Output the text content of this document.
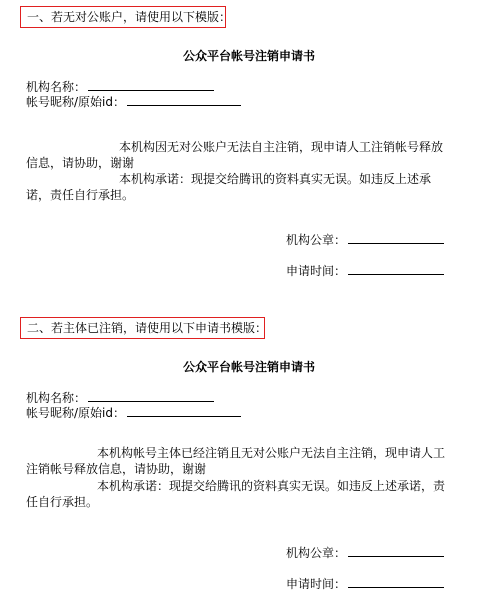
一、若无对公账户，请使用以下模版：
公众平台帐号注销申请书
机构名称：
帐号昵称/原始id：

本机构因无对公账户无法自主注销，现申请人工注销帐号释放信息，请协助，谢谢

本机构承诺：现提交给腾讯的资料真实无误。如违反上述承诺，责任自行承担。

机构公章：
申请时间：
二、若主体已注销，请使用以下申请书模版：
公众平台帐号注销申请书
机构名称：
帐号昵称/原始id：

本机构帐号主体已经注销且无对公账户无法自主注销，现申请人工注销帐号释放信息，请协助，谢谢

本机构承诺：现提交给腾讯的资料真实无误。如违反上述承诺，责任自行承担。

机构公章：
申请时间：
